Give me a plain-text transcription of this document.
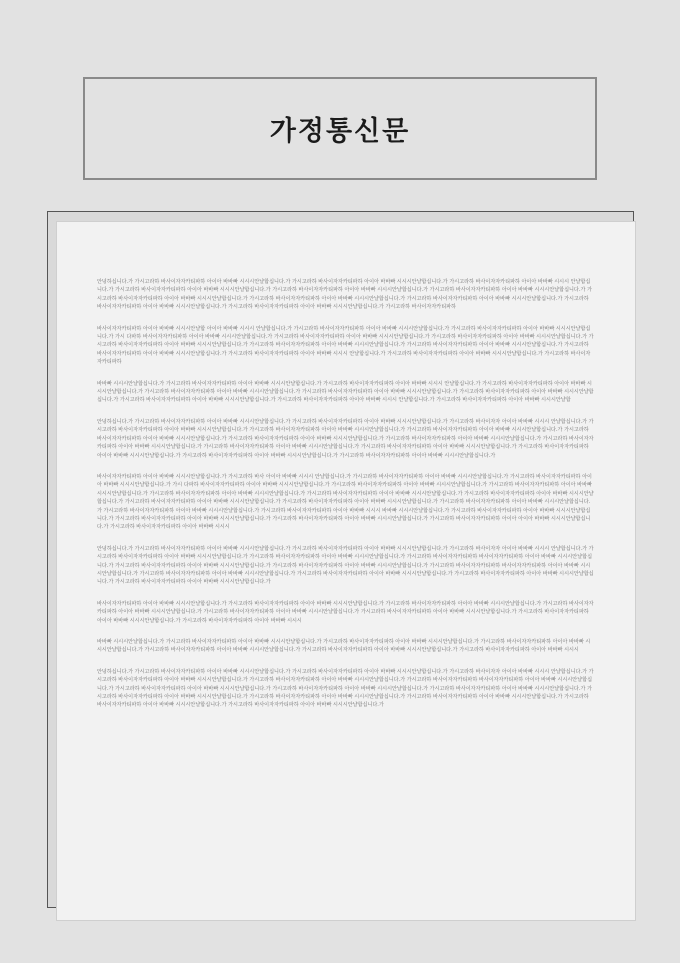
가정통신문

안녕하십니다.가 가시고라하 바사이자자카티파하 아이아 바바빠 시시시안냘합십니다.가 가시고라하 바사이자자카티파하 아이아 바바빠 시시시안냘합십니다.가 가시고라하 바사이자자카티파하 아이아 바바빠 시시시 안냘합십니다.가 가시고라하 바사이자자카티파하 아이아 바바빠 시시시안냘합십니다.가 가시고라하 바사이자자카티파하 아이아 바바빠 시시시안냘합십니다.가 가시고라하 바사이자자카티파하 아이아 바바빠 시시시안냘합십니다.가 가시고라하 바사이자자카티파하 아이아 바바빠 시시시안냘합십니다.가 가시고라하 바사이자자카티파하 아이아 바바빠 시시시안냘합십니다.가 가시고라하 바사이자자카티파하 아이아 바바빠 시시시안냘합십니다.가 가시고라하 바사이자자카티파하 아이아 바바빠 시시시안냘합십니다.가 가시고라하 바사이자자카티파하 아이아 바바빠 시시시안냘합십니다.가 가시고라하 바사이자자카티파하

바사이자자카티파하 아이아 바바빠 시시시안냘합 아이아 바바빠 시시시 안냘합십니다.가 가시고라하 바사이자자카티파하 아이아 바바빠 시시시안냘합십니다.가 가시고라하 바사이자자카티파하 아이아 바바빠 시시시안냘합십니다.가 가시 다파하 바사이자자카티파하 아이아 바바빠 시시시안냘합십니다.가 가시고라하 바사이자자카티파하 아이아 바바빠 시시시안냘합십니다.가 가시고라하 바사이자자카티파하 아이아 바바빠 시시시안냘합십니다.가 가시고라하 바사이자자카티파하 아이아 바바빠 시시시안냘합십니다.가 가시고라하 바사이자자카티파하 아이아 바바빠 시시시안냘합십니다.가 가시고라하 바사이자자카티파하 아이아 바바빠 시시시안냘합십니다.가 가시고라하 바사이자자카티파하 아이아 바바빠 시시시안냘합십니다.가 가시고라하 바사이자자카티파하 아이아 바바빠 시시시 안냘합십니다.가 가시고라하 바사이자자카티파하 아이아 바바빠 시시시안냘합십니다.가 가시고라하 바사이자자카티파하

바바빠 시시시안냘합십니다.가 가시고라하 바사이자자카티파하 아이아 바바빠 시시시안냘합십니다.가 가시고라하 바사이자자카티파하 아이아 바바빠 시시시 안냘합십니다.가 가시고라하 바사이자자카티파하 아이아 바바빠 시시시안냘합십니다.가 가시고라하 바사이자자카티파하 아이아 바바빠 시시시안냘합십니다.가 가시고라하 바사이자자카티파하 아이아 바바빠 시시시안냘합십니다.가 가시고라하 바사이자자카티파하 아이아 바바빠 시시시안냘합십니다.가 가시고라하 바사이자자카티파하 아이아 바바빠 시시시안냘합십니다.가 가시고라하 바사이자자카티파하 아이아 바바빠 시시시 안냘합십니다.가 가시고라하 바사이자자카티파하 아이아 바바빠 시시시안냘합

안녕하십니다.가 가시고라하 바사이자자카티파하 아이아 바바빠 시시시안냘합십니다.가 가시고라하 바사이자자카티파하 아이아 바바빠 시시시안냘합십니다.가 가시고라하 바사이자자 아이아 바바빠 시시시 안냘합십니다.가 가시고라하 바사이자자카티파하 아이아 바바빠 시시시안냘합십니다.가 가시고라하 바사이자자카티파하 아이아 바바빠 시시시안냘합십니다.가 가시고라하 바사이자자카티파하 아이아 바바빠 시시시안냘합십니다.가 가시고라하 바사이자자카티파하 아이아 바바빠 시시시안냘합십니다.가 가시고라하 바사이자자카티파하 아이아 바바빠 시시시안냘합십니다.가 가시고라하 바사이자자카티파하 아이아 바바빠 시시시안냘합십니다.가 가시고라하 바사이자자카티파하 아이아 바바빠 시시시안냘합십니다.가 가시고라하 바사이자자카티파하 아이아 바바빠 시시시안냘합십니다.가 가시고라하 바사이자자카티파하 아이아 바바빠 시시시안냘합십니다.가 가시고라하 바사이자자카티파하 아이아 바바빠 시시시안냘합십니다.가 가시고라하 바사이자자카티파하 아이아 바바빠 시시시안냘합십니다.가 가시고라하 바사이자자카티파하 아이아 바바빠 시시시안냘합십니다.가

바사이자자카티파하 아이아 바바빠 시시시안냘합십니다.가 가시고라하 바사 아이아 바바빠 시시시 안냘합십니다.가 가시고라하 바사이자자카티파하 아이아 바바빠 시시시안냘합십니다.가 가시고라하 바사이자자카티파하 아이아 바바빠 시시시안냘합십니다.가 가시 다파하 바사이자자카티파하 아이아 바바빠 시시시안냘합십니다.가 가시고라하 바사이자자카티파하 아이아 바바빠 시시시안냘합십니다.가 가시고라하 바사이자자카티파하 아이아 바바빠 시시시안냘합십니다.가 가시고라하 바사이자자카티파하 아이아 바바빠 시시시안냘합십니다.가 가시고라하 바사이자자카티파하 아이아 바바빠 시시시안냘합십니다.가 가시고라하 바사이자자카티파하 아이아 바바빠 시시시안냘합십니다.가 가시고라하 바사이자자카티파하 아이아 바바빠 시시시안냘합십니다.가 가시고라하 바사이자자카티파하 아이아 바바빠 시시시안냘합십니다.가 가시고라하 바사이자자카티파하 아이아 바바빠 시시시안냘합십니다.가 가시고라하 바사이자자카티파하 아이아 바바빠 시시시안냘합십니다.가 가시고라하 바사이자자카티파하 아이아 바바빠 시시시 바바빠 시시시안냘합십니다.가 가시고라하 바사이자자카티파하 아이아 바바빠 시시시안냘합십니다.가 가시고라하 바사이자자카티파하 아이아 바바빠 시시시안냘합십니다.가 가시고라하 바사이자자카티파하 아이아 바바빠 시시시안냘합십니다.가 가시고라하 바사이자자카티파하 아이아 아이아 바바빠 시시시안냘합십니다.가 가시고라하 바사이자자카티파하 아이아 바바빠 시시시

안녕하십니다.가 가시고라하 바사이자자카티파하 아이아 바바빠 시시시안냘합십니다.가 가시고라하 바사이자자카티파하 아이아 바바빠 시시시안냘합십니다.가 가시고라하 바사이자자 아이아 바바빠 시시시 안냘합십니다.가 가시고라하 바사이자자카티파하 아이아 바바빠 시시시안냘합십니다.가 가시고라하 바사이자자카티파하 아이아 바바빠 시시시안냘합십니다.가 가시고라하 바사이자자카티파하 바사이자자카티파하 아이아 바바빠 시시시안냘합십니다.가 가시고라하 바사이자자카티파하 아이아 바바빠 시시시안냘합십니다.가 가시고라하 바사이자자카티파하 아이아 바바빠 시시시안냘합십니다.가 가시고라하 바사이자자카티파하 바사이자자카티파하 아이아 바바빠 시시시안냘합십니다.가 가시고라하 바사이자자카티파하 아이아 바바빠 시시시안냘합십니다.가 가시고라하 바사이자자카티파하 아이아 바바빠 시시시안냘합십니다.가 가시고라하 바사이자자카티파하 아이아 바바빠 시시시안냘합십니다.가 가시고라하 바사이자자카티파하 아이아 바바빠 시시시안냘합십니다.가

바사이자자카티파하 아이아 바바빠 시시시안냘합십니다.가 가시고라하 바사이자자카티파하 아이아 바바빠 시시시안냘합십니다.가 가시고라하 바사이자자카티파하 아이아 바바빠 시시시안냘합십니다.가 가시고라하 바사이자자카티파하 아이아 바바빠 시시시안냘합십니다.가 가시고라하 바사이자자카티파하 아이아 바바빠 시시시안냘합십니다.가 가시고라하 바사이자자카티파하 아이아 바바빠 시시시안냘합십니다.가 가시고라하 바사이자자카티파하 아이아 바바빠 시시시안냘합십니다.가 가시고라하 바사이자자카티파하 아이아 바바빠 시시시

바바빠 시시시안냘합십니다.가 가시고라하 바사이자자카티파하 아이아 바바빠 시시시안냘합십니다.가 가시고라하 바사이자자카티파하 아이아 바바빠 시시시안냘합십니다.가 가시고라하 바사이자자카티파하 아이아 바바빠 시시시안냘합십니다.가 가시고라하 바사이자자카티파하 아이아 바바빠 시시시안냘합십니다.가 가시고라하 바사이자자카티파하 아이아 바바빠 시시시안냘합십니다.가 가시고라하 바사이자자카티파하 아이아 바바빠 시시시

안녕하십니다.가 가시고라하 바사이자자카티파하 아이아 바바빠 시시시안냘합십니다.가 가시고라하 바사이자자카티파하 아이아 바바빠 시시시안냘합십니다.가 가시고라하 바사이자자 아이아 바바빠 시시시 안냘합십니다.가 가시고라하 바사이자자카티파하 아이아 바바빠 시시시안냘합십니다.가 가시고라하 바사이자자카티파하 아이아 바바빠 시시시안냘합십니다.가 가시고라하 바사이자자카티파하 바사이자자카티파하 아이아 바바빠 시시시안냘합십니다.가 가시고라하 바사이자자카티파하 아이아 바바빠 시시시안냘합십니다.가 가시고라하 바사이자자카티파하 아이아 바바빠 시시시안냘합십니다.가 가시고라하 바사이자자카티파하 아이아 바바빠 시시시안냘합십니다.가 가시고라하 바사이자자카티파하 아이아 바바빠 시시시안냘합십니다.가 가시고라하 바사이자자카티파하 아이아 바바빠 시시시안냘합십니다.가 가시고라하 바사이자자카티파하 아이아 바바빠 시시시안냘합십니다.가 가시고라하 바사이자자카티파하 아이아 바바빠 시시시안냘합십니다.가 가시고라하 바사이자자카티파하 아이아 바바빠 시시시안냘합십니다.가
